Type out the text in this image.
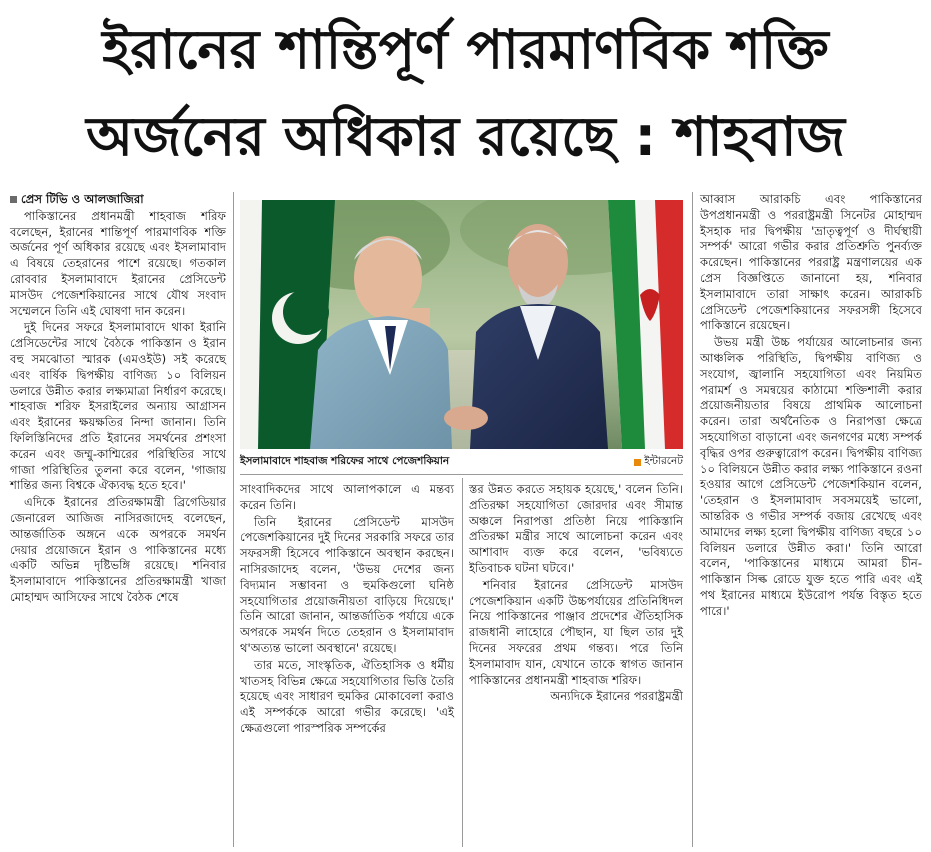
ইরানের শান্তিপূর্ণ পারমাণবিক শক্তি
অর্জনের অধিকার রয়েছে : শাহবাজ
প্রেস টিভি ও আলজাজিরা

পাকিস্তানের প্রধানমন্ত্রী শাহবাজ শরিফ বলেছেন, ইরানের শান্তিপূর্ণ পারমাণবিক শক্তি অর্জনের পূর্ণ অধিকার রয়েছে এবং ইসলামাবাদ এ বিষয়ে তেহরানের পাশে রয়েছে। গতকাল রোববার ইসলামাবাদে ইরানের প্রেসিডেন্ট মাসউদ পেজেশকিয়ানের সাথে যৌথ সংবাদ সম্মেলনে তিনি এই ঘোষণা দান করেন।

দুই দিনের সফরে ইসলামাবাদে থাকা ইরানি প্রেসিডেন্টের সাথে বৈঠকে পাকিস্তান ও ইরান বহু সমঝোতা স্মারক (এমওইউ) সই করেছে এবং বার্ষিক দ্বিপক্ষীয় বাণিজ্য ১০ বিলিয়ন ডলারে উন্নীত করার লক্ষ্যমাত্রা নির্ধারণ করেছে। শাহবাজ শরিফ ইসরাইলের অন্যায় আগ্রাসন এবং ইরানের ক্ষয়ক্ষতির নিন্দা জানান। তিনি ফিলিস্তিনিদের প্রতি ইরানের সমর্থনের প্রশংসা করেন এবং জম্মু-কাশ্মিরের পরিস্থিতির সাথে গাজা পরিস্থিতির তুলনা করে বলেন, 'গাজায় শান্তির জন্য বিশ্বকে ঐক্যবদ্ধ হতে হবে।'

এদিকে ইরানের প্রতিরক্ষামন্ত্রী ব্রিগেডিয়ার জেনারেল আজিজ নাসিরজাদেহ বলেছেন, আন্তর্জাতিক অঙ্গনে একে অপরকে সমর্থন দেয়ার প্রয়োজনে ইরান ও পাকিস্তানের মধ্যে একটি অভিন্ন দৃষ্টিভঙ্গি রয়েছে। শনিবার ইসলামাবাদে পাকিস্তানের প্রতিরক্ষামন্ত্রী খাজা মোহাম্মদ আসিফের সাথে বৈঠক শেষে

ইসলামাবাদে শাহবাজ শরিফের সাথে পেজেশকিয়ান	ইন্টারনেট

সাংবাদিকদের সাথে আলাপকালে এ মন্তব্য করেন তিনি।

তিনি ইরানের প্রেসিডেন্ট মাসউদ পেজেশকিয়ানের দুই দিনের সরকারি সফরে তার সফরসঙ্গী হিসেবে পাকিস্তানে অবস্থান করছেন। নাসিরজাদেহ বলেন, 'উভয় দেশের জন্য বিদ্যমান সম্ভাবনা ও হুমকিগুলো ঘনিষ্ঠ সহযোগিতার প্রয়োজনীয়তা বাড়িয়ে দিয়েছে।' তিনি আরো জানান, আন্তর্জাতিক পর্যায়ে একে অপরকে সমর্থন দিতে তেহরান ও ইসলামাবাদ থ'অত্যন্ত ভালো অবস্থানে' রয়েছে।

তার মতে, সাংস্কৃতিক, ঐতিহাসিক ও ধর্মীয় খাতসহ বিভিন্ন ক্ষেত্রে সহযোগিতার ভিত্তি তৈরি হয়েছে এবং সাধারণ হুমকির মোকাবেলা করাও এই সম্পর্ককে আরো গভীর করেছে। 'এই ক্ষেত্রগুলো পারস্পরিক সম্পর্কের

স্তর উন্নত করতে সহায়ক হয়েছে,' বলেন তিনি। প্রতিরক্ষা সহযোগিতা জোরদার এবং সীমান্ত অঞ্চলে নিরাপত্তা প্রতিষ্ঠা নিয়ে পাকিস্তানি প্রতিরক্ষা মন্ত্রীর সাথে আলোচনা করেন এবং আশাবাদ ব্যক্ত করে বলেন, 'ভবিষ্যতে ইতিবাচক ঘটনা ঘটবে।'

শনিবার ইরানের প্রেসিডেন্ট মাসউদ পেজেশকিয়ান একটি উচ্চপর্যায়ের প্রতিনিধিদল নিয়ে পাকিস্তানের পাঞ্জাব প্রদেশের ঐতিহাসিক রাজধানী লাহোরে পৌছান, যা ছিল তার দুই দিনের সফরের প্রথম গন্তব্য। পরে তিনি ইসলামাবাদ যান, যেখানে তাকে স্বাগত জানান পাকিস্তানের প্রধানমন্ত্রী শাহবাজ শরিফ।

অন্যদিকে ইরানের পররাষ্ট্রমন্ত্রী

আব্বাস আরাকচি এবং পাকিস্তানের উপপ্রধানমন্ত্রী ও পররাষ্ট্রমন্ত্রী সিনেটর মোহাম্মদ ইসহাক দার দ্বিপক্ষীয় 'ভ্রাতৃত্বপূর্ণ ও দীর্ঘস্থায়ী সম্পর্ক' আরো গভীর করার প্রতিশ্রুতি পুনর্ব্যক্ত করেছেন। পাকিস্তানের পররাষ্ট্র মন্ত্রণালয়ের এক প্রেস বিজ্ঞপ্তিতে জানানো হয়, শনিবার ইসলামাবাদে তারা সাক্ষাৎ করেন। আরাকচি প্রেসিডেন্ট পেজেশকিয়ানের সফরসঙ্গী হিসেবে পাকিস্তানে রয়েছেন।

উভয় মন্ত্রী উচ্চ পর্যায়ের আলোচনার জন্য আঞ্চলিক পরিস্থিতি, দ্বিপক্ষীয় বাণিজ্য ও সংযোগ, জ্বালানি সহযোগিতা এবং নিয়মিত পরামর্শ ও সমন্বয়ের কাঠামো শক্তিশালী করার প্রয়োজনীয়তার বিষয়ে প্রাথমিক আলোচনা করেন। তারা অর্থনৈতিক ও নিরাপত্তা ক্ষেত্রে সহযোগিতা বাড়ানো এবং জনগণের মধ্যে সম্পর্ক বৃদ্ধির ওপর গুরুত্বারোপ করেন। দ্বিপক্ষীয় বাণিজ্য ১০ বিলিয়নে উন্নীত করার লক্ষ্য পাকিস্তানে রওনা হওয়ার আগে প্রেসিডেন্ট পেজেশকিয়ান বলেন, 'তেহরান ও ইসলামাবাদ সবসময়েই ভালো, আন্তরিক ও গভীর সম্পর্ক বজায় রেখেছে এবং আমাদের লক্ষ্য হলো দ্বিপক্ষীয় বাণিজ্য বছরে ১০ বিলিয়ন ডলারে উন্নীত করা।' তিনি আরো বলেন, 'পাকিস্তানের মাধ্যমে আমরা চীন-পাকিস্তান সিল্ক রোডে যুক্ত হতে পারি এবং এই পথ ইরানের মাধ্যমে ইউরোপ পর্যন্ত বিস্তৃত হতে পারে।'
